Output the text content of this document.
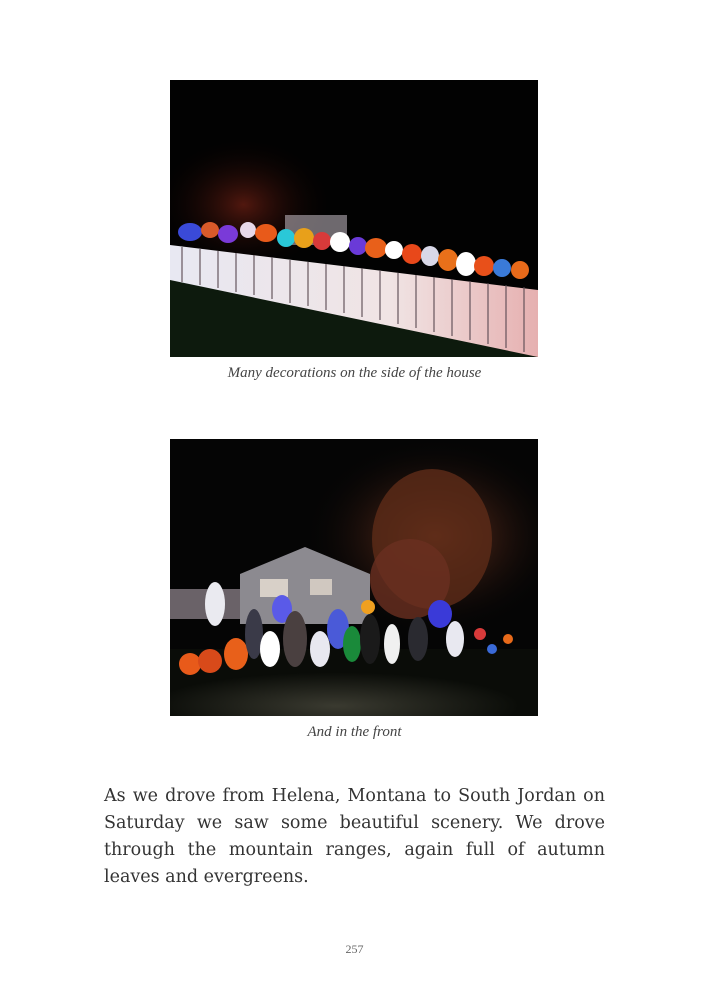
Many decorations on the side of the house
And in the front
As we drove from Helena, Montana to South Jordan on Saturday we saw some beautiful scenery. We drove through the mountain ranges, again full of autumn leaves and evergreens.
257
